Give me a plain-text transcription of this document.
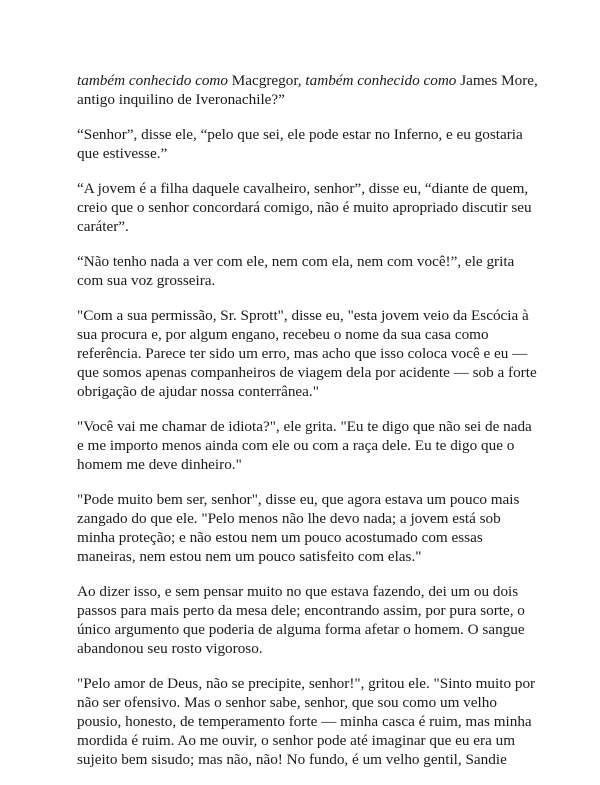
também conhecido como Macgregor, também conhecido como James More,
antigo inquilino de Iveronachile?”

“Senhor”, disse ele, “pelo que sei, ele pode estar no Inferno, e eu gostaria
que estivesse.”

“A jovem é a filha daquele cavalheiro, senhor”, disse eu, “diante de quem,
creio que o senhor concordará comigo, não é muito apropriado discutir seu
caráter”.

“Não tenho nada a ver com ele, nem com ela, nem com você!”, ele grita
com sua voz grosseira.

"Com a sua permissão, Sr. Sprott", disse eu, "esta jovem veio da Escócia à
sua procura e, por algum engano, recebeu o nome da sua casa como
referência. Parece ter sido um erro, mas acho que isso coloca você e eu —
que somos apenas companheiros de viagem dela por acidente — sob a forte
obrigação de ajudar nossa conterrânea."

"Você vai me chamar de idiota?", ele grita. "Eu te digo que não sei de nada
e me importo menos ainda com ele ou com a raça dele. Eu te digo que o
homem me deve dinheiro."

"Pode muito bem ser, senhor", disse eu, que agora estava um pouco mais
zangado do que ele. "Pelo menos não lhe devo nada; a jovem está sob
minha proteção; e não estou nem um pouco acostumado com essas
maneiras, nem estou nem um pouco satisfeito com elas."

Ao dizer isso, e sem pensar muito no que estava fazendo, dei um ou dois
passos para mais perto da mesa dele; encontrando assim, por pura sorte, o
único argumento que poderia de alguma forma afetar o homem. O sangue
abandonou seu rosto vigoroso.

"Pelo amor de Deus, não se precipite, senhor!", gritou ele. "Sinto muito por
não ser ofensivo. Mas o senhor sabe, senhor, que sou como um velho
pousio, honesto, de temperamento forte — minha casca é ruim, mas minha
mordida é ruim. Ao me ouvir, o senhor pode até imaginar que eu era um
sujeito bem sisudo; mas não, não! No fundo, é um velho gentil, Sandie
